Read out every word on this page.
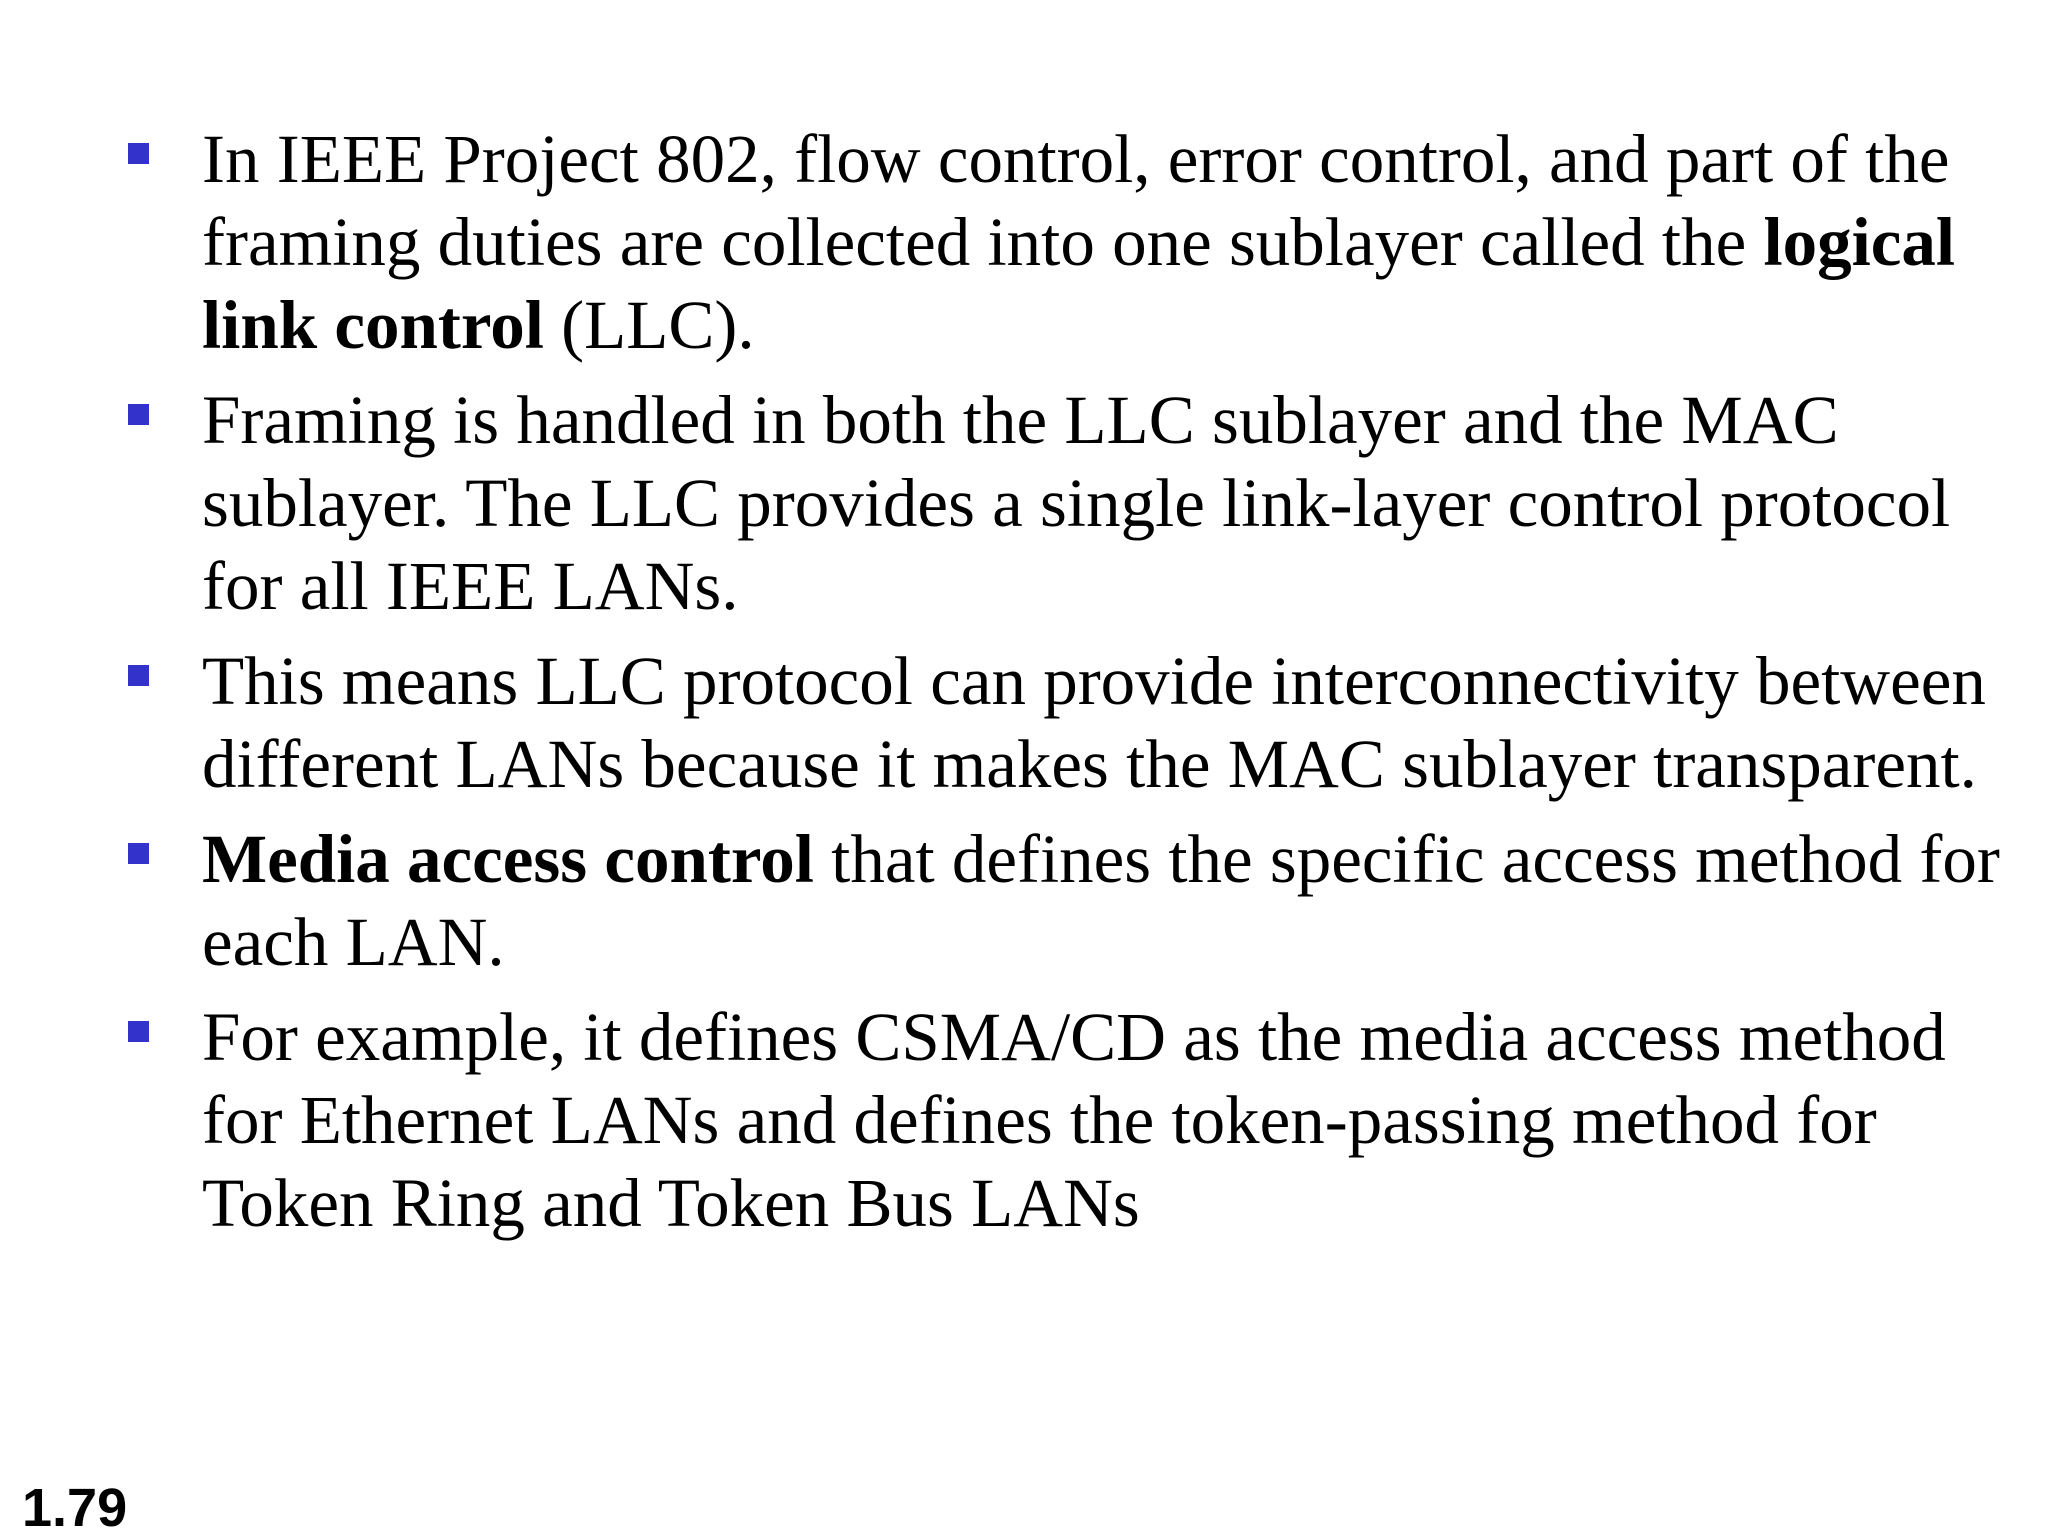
In IEEE Project 802, flow control, error control, and part of the framing duties are collected into one sublayer called the logical link control (LLC).
Framing is handled in both the LLC sublayer and the MAC sublayer. The LLC provides a single link-layer control protocol for all IEEE LANs.
This means LLC protocol can provide interconnectivity between different LANs because it makes the MAC sublayer transparent.
Media access control that defines the specific access method for each LAN.
For example, it defines CSMA/CD as the media access method for Ethernet LANs and defines the token-passing method for Token Ring and Token Bus LANs
1.79
